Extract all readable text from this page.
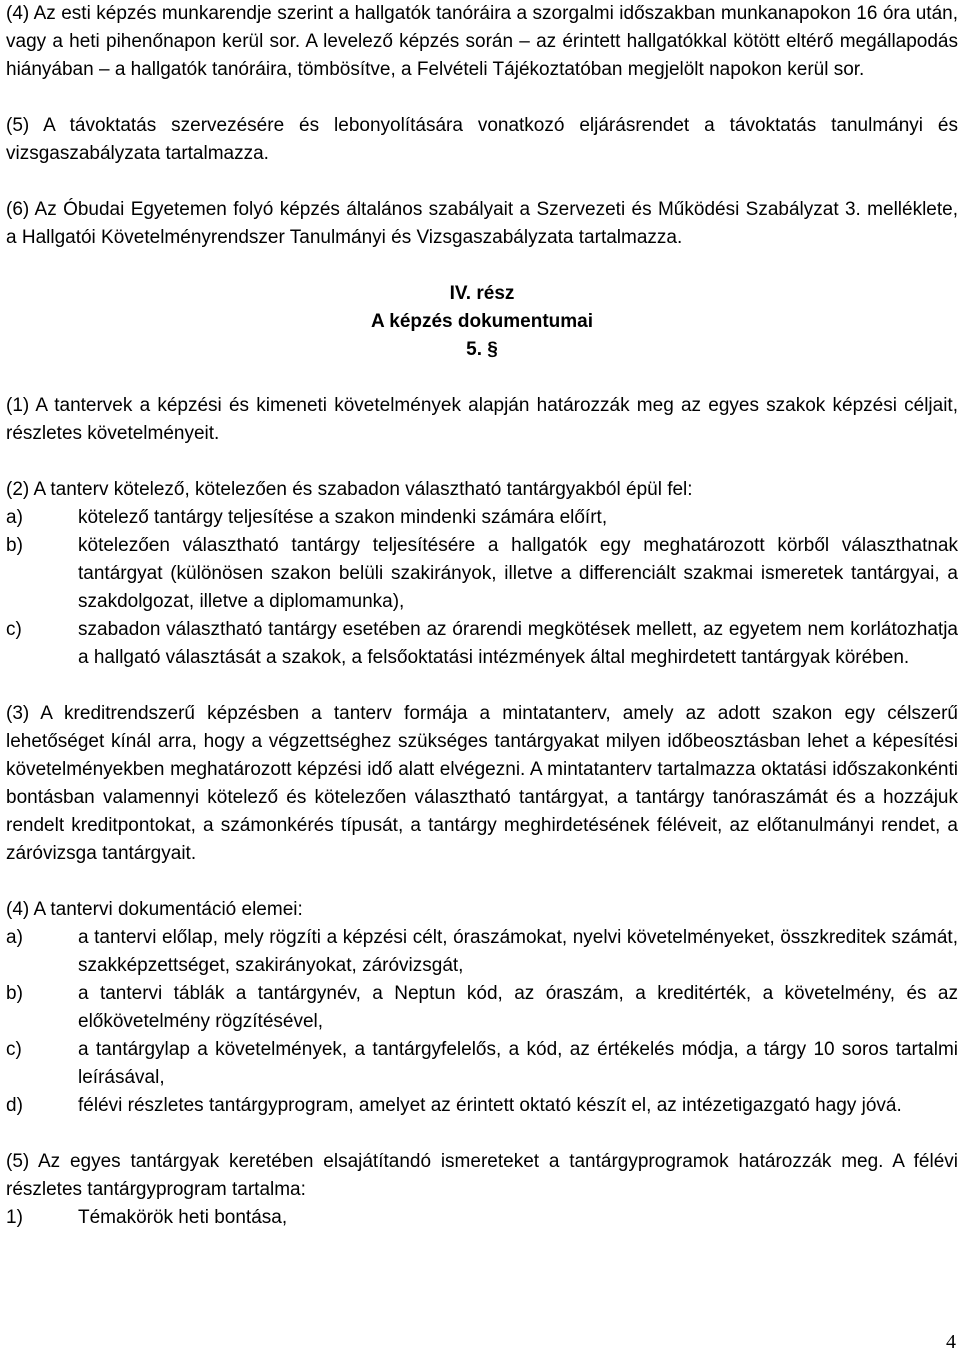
(4) Az esti képzés munkarendje szerint a hallgatók tanóráira a szorgalmi időszakban munkanapokon 16 óra után, vagy a heti pihenőnapon kerül sor. A levelező képzés során – az érintett hallgatókkal kötött eltérő megállapodás hiányában – a hallgatók tanóráira, tömbösítve, a Felvételi Tájékoztatóban megjelölt napokon kerül sor.

(5) A távoktatás szervezésére és lebonyolítására vonatkozó eljárásrendet a távoktatás tanulmányi és vizsgaszabályzata tartalmazza.

(6) Az Óbudai Egyetemen folyó képzés általános szabályait a Szervezeti és Működési Szabályzat 3. melléklete, a Hallgatói Követelményrendszer Tanulmányi és Vizsgaszabályzata tartalmazza.

IV. rész

A képzés dokumentumai

5. §

(1) A tantervek a képzési és kimeneti követelmények alapján határozzák meg az egyes szakok képzési céljait, részletes követelményeit.

(2) A tanterv kötelező, kötelezően és szabadon választható tantárgyakból épül fel:

a)	kötelező tantárgy teljesítése a szakon mindenki számára előírt,
b)	kötelezően választható tantárgy teljesítésére a hallgatók egy meghatározott körből választhatnak tantárgyat (különösen szakon belüli szakirányok, illetve a differenciált szakmai ismeretek tantárgyai, a szakdolgozat, illetve a diplomamunka),
c)	szabadon választható tantárgy esetében az órarendi megkötések mellett, az egyetem nem korlátozhatja a hallgató választását a szakok, a felsőoktatási intézmények által meghirdetett tantárgyak körében.

(3) A kreditrendszerű képzésben a tanterv formája a mintatanterv, amely az adott szakon egy célszerű lehetőséget kínál arra, hogy a végzettséghez szükséges tantárgyakat milyen időbeosztásban lehet a képesítési követelményekben meghatározott képzési idő alatt elvégezni. A mintatanterv tartalmazza oktatási időszakonkénti bontásban valamennyi kötelező és kötelezően választható tantárgyat, a tantárgy tanóraszámát és a hozzájuk rendelt kreditpontokat, a számonkérés típusát, a tantárgy meghirdetésének féléveit, az előtanulmányi rendet, a záróvizsga tantárgyait.

(4) A tantervi dokumentáció elemei:

a)	a tantervi előlap, mely rögzíti a képzési célt, óraszámokat, nyelvi követelményeket, összkreditek számát, szakképzettséget, szakirányokat, záróvizsgát,
b)	a tantervi táblák a tantárgynév, a Neptun kód, az óraszám, a kreditérték, a követelmény, és az előkövetelmény rögzítésével,
c)	a tantárgylap a követelmények, a tantárgyfelelős, a kód, az értékelés módja, a tárgy 10 soros tartalmi leírásával,
d)	félévi részletes tantárgyprogram, amelyet az érintett oktató készít el, az intézetigazgató hagy jóvá.

(5) Az egyes tantárgyak keretében elsajátítandó ismereteket a tantárgyprogramok határozzák meg. A félévi részletes tantárgyprogram tartalma:

1)	Témakörök heti bontása,
4
